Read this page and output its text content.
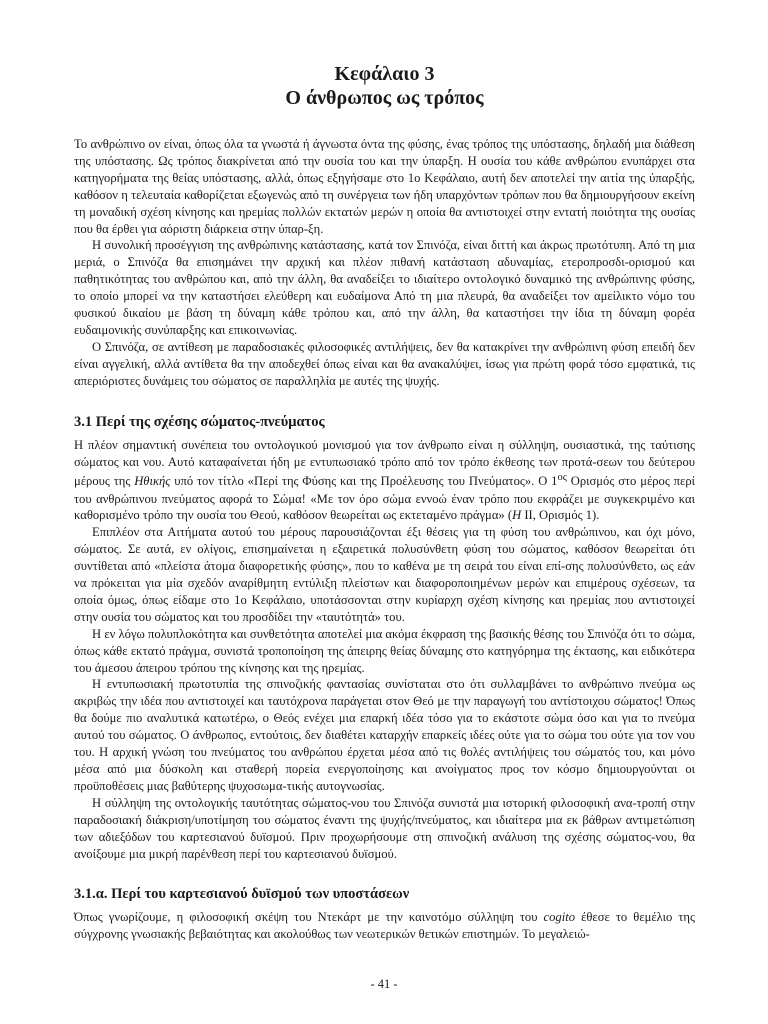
Κεφάλαιο 3
Ο άνθρωπος ως τρόπος

Το ανθρώπινο ον είναι, όπως όλα τα γνωστά ή άγνωστα όντα της φύσης, ένας τρόπος της υπόστασης, δηλαδή μια διάθεση της υπόστασης. Ως τρόπος διακρίνεται από την ουσία του και την ύπαρξη. Η ουσία του κάθε ανθρώπου ενυπάρχει στα κατηγορήματα της θείας υπόστασης, αλλά, όπως εξηγήσαμε στο 1ο Κεφάλαιο, αυτή δεν αποτελεί την αιτία της ύπαρξής, καθόσον η τελευταία καθορίζεται εξωγενώς από τη συνέργεια των ήδη υπαρχόντων τρόπων που θα δημιουργήσουν εκείνη τη μοναδική σχέση κίνησης και ηρεμίας πολλών εκτατών μερών η οποία θα αντιστοιχεί στην εντατή ποιότητα της ουσίας που θα έρθει για αόριστη διάρκεια στην ύπαρ-ξη.

Η συνολική προσέγγιση της ανθρώπινης κατάστασης, κατά τον Σπινόζα, είναι διττή και άκρως πρωτότυπη. Από τη μια μεριά, ο Σπινόζα θα επισημάνει την αρχική και πλέον πιθανή κατάσταση αδυναμίας, ετεροπροσδι-ορισμού και παθητικότητας του ανθρώπου και, από την άλλη, θα αναδείξει το ιδιαίτερο οντολογικό δυναμικό της ανθρώπινης φύσης, το οποίο μπορεί να την καταστήσει ελεύθερη και ευδαίμονα Από τη μια πλευρά, θα αναδείξει τον αμείλικτο νόμο του φυσικού δικαίου με βάση τη δύναμη κάθε τρόπου και, από την άλλη, θα καταστήσει την ίδια τη δύναμη φορέα ευδαιμονικής συνύπαρξης και επικοινωνίας.

Ο Σπινόζα, σε αντίθεση με παραδοσιακές φιλοσοφικές αντιλήψεις, δεν θα κατακρίνει την ανθρώπινη φύση επειδή δεν είναι αγγελική, αλλά αντίθετα θα την αποδεχθεί όπως είναι και θα ανακαλύψει, ίσως για πρώτη φορά τόσο εμφατικά, τις απεριόριστες δυνάμεις του σώματος σε παραλληλία με αυτές της ψυχής.

3.1 Περί της σχέσης σώματος-πνεύματος

Η πλέον σημαντική συνέπεια του οντολογικού μονισμού για τον άνθρωπο είναι η σύλληψη, ουσιαστικά, της ταύτισης σώματος και νου. Αυτό καταφαίνεται ήδη με εντυπωσιακό τρόπο από τον τρόπο έκθεσης των προτά-σεων του δεύτερου μέρους της Ηθικής υπό τον τίτλο «Περί της Φύσης και της Προέλευσης του Πνεύματος». Ο $1^{o\varsigma}$ Ορισμός στο μέρος περί του ανθρώπινου πνεύματος αφορά το Σώμα! «Με τον όρο σώμα εννοώ έναν τρόπο που εκφράζει με συγκεκριμένο και καθορισμένο τρόπο την ουσία του Θεού, καθόσον θεωρείται ως εκτεταμένο πράγμα» (Η ΙΙ, Ορισμός 1).

Επιπλέον στα Αιτήματα αυτού του μέρους παρουσιάζονται έξι θέσεις για τη φύση του ανθρώπινου, και όχι μόνο, σώματος. Σε αυτά, εν ολίγοις, επισημαίνεται η εξαιρετικά πολυσύνθετη φύση του σώματος, καθόσον θεωρείται ότι συντίθεται από «πλείστα άτομα διαφορετικής φύσης», που το καθένα με τη σειρά του είναι επί-σης πολυσύνθετο, ως εάν να πρόκειται για μία σχεδόν αναρίθμητη εντύλιξη πλείστων και διαφοροποιημένων μερών και επιμέρους σχέσεων, τα οποία όμως, όπως είδαμε στο 1ο Κεφάλαιο, υποτάσσονται στην κυρίαρχη σχέση κίνησης και ηρεμίας που αντιστοιχεί στην ουσία του σώματος και του προσδίδει την «ταυτότητά» του.

Η εν λόγω πολυπλοκότητα και συνθετότητα αποτελεί μια ακόμα έκφραση της βασικής θέσης του Σπινόζα ότι το σώμα, όπως κάθε εκτατό πράγμα, συνιστά τροποποίηση της άπειρης θείας δύναμης στο κατηγόρημα της έκτασης, και ειδικότερα του άμεσου άπειρου τρόπου της κίνησης και της ηρεμίας.

Η εντυπωσιακή πρωτοτυπία της σπινοζικής φαντασίας συνίσταται στο ότι συλλαμβάνει το ανθρώπινο πνεύμα ως ακριβώς την ιδέα που αντιστοιχεί και ταυτόχρονα παράγεται στον Θεό με την παραγωγή του αντίστοιχου σώματος! Όπως θα δούμε πιο αναλυτικά κατωτέρω, ο Θεός ενέχει μια επαρκή ιδέα τόσο για το εκάστοτε σώμα όσο και για το πνεύμα αυτού του σώματος. Ο άνθρωπος, εντούτοις, δεν διαθέτει καταρχήν επαρκείς ιδέες ούτε για το σώμα του ούτε για τον νου του. Η αρχική γνώση του πνεύματος του ανθρώπου έρχεται μέσα από τις θολές αντιλήψεις του σώματός του, και μόνο μέσα από μια δύσκολη και σταθερή πορεία ενεργοποίησης και ανοίγματος προς τον κόσμο δημιουργούνται οι προϋποθέσεις μιας βαθύτερης ψυχοσωμα-τικής αυτογνωσίας.

Η σύλληψη της οντολογικής ταυτότητας σώματος-νου του Σπινόζα συνιστά μια ιστορική φιλοσοφική ανα-τροπή στην παραδοσιακή διάκριση/υποτίμηση του σώματος έναντι της ψυχής/πνεύματος, και ιδιαίτερα μια εκ βάθρων αντιμετώπιση των αδιεξόδων του καρτεσιανού δυϊσμού. Πριν προχωρήσουμε στη σπινοζική ανάλυση της σχέσης σώματος-νου, θα ανοίξουμε μια μικρή παρένθεση περί του καρτεσιανού δυϊσμού.

3.1.α. Περί του καρτεσιανού δυϊσμού των υποστάσεων

Όπως γνωρίζουμε, η φιλοσοφική σκέψη του Ντεκάρτ με την καινοτόμο σύλληψη του cogito έθεσε το θεμέλιο της σύγχρονης γνωσιακής βεβαιότητας και ακολούθως των νεωτερικών θετικών επιστημών. Το μεγαλειώ-

- 41 -
